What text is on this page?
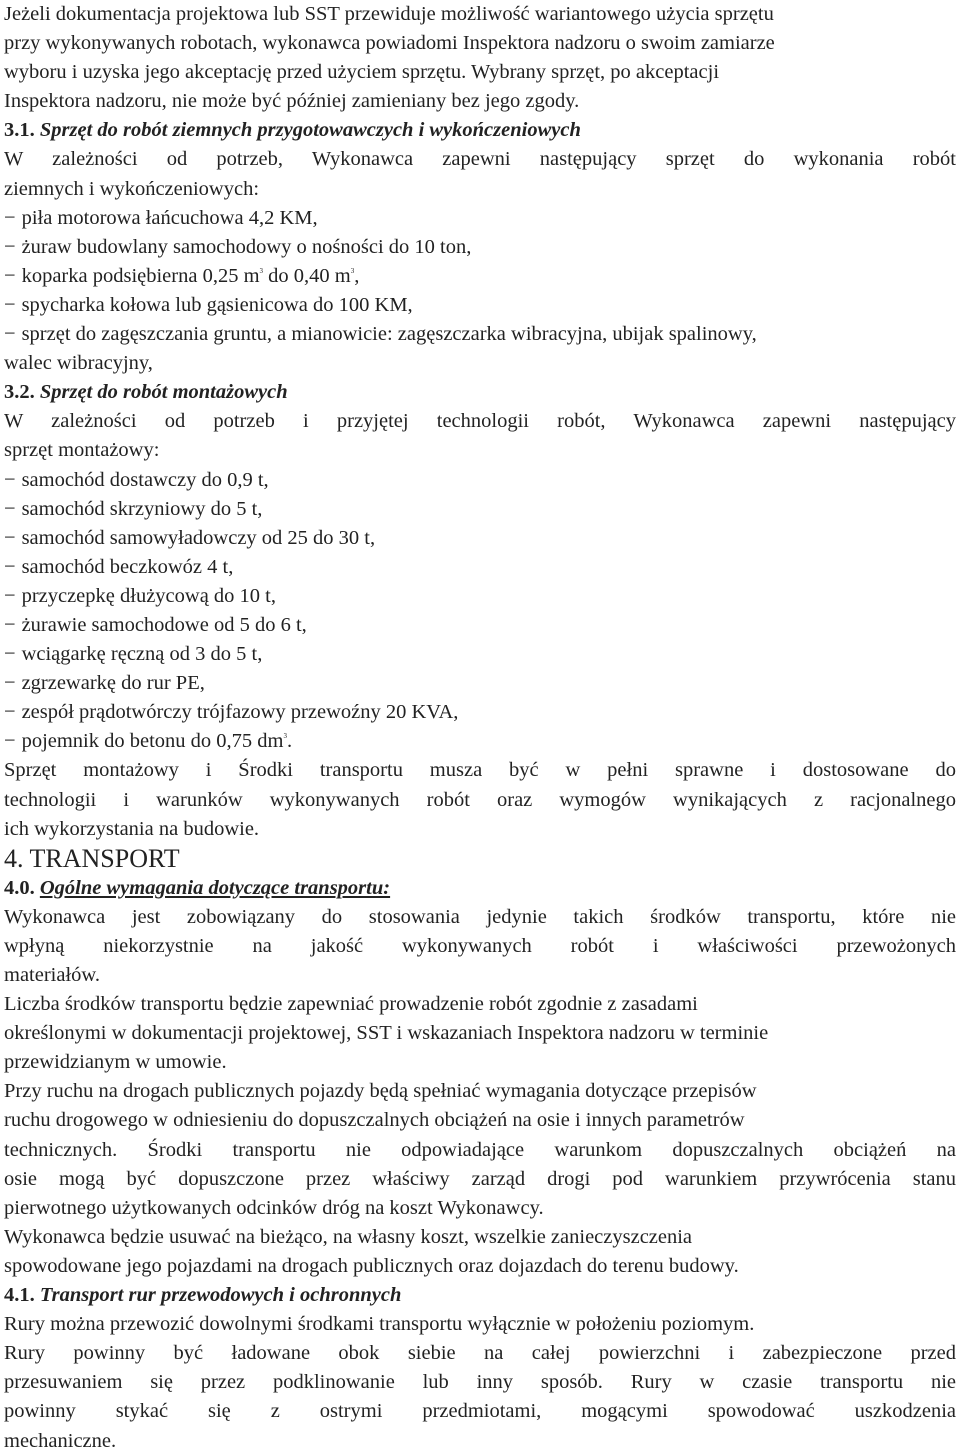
Jeżeli dokumentacja projektowa lub SST przewiduje możliwość wariantowego użycia sprzętu
przy wykonywanych robotach, wykonawca powiadomi Inspektora nadzoru o swoim zamiarze
wyboru i uzyska jego akceptację przed użyciem sprzętu. Wybrany sprzęt, po akceptacji
Inspektora nadzoru, nie może być później zamieniany bez jego zgody.
3.1. Sprzęt do robót ziemnych przygotowawczych i wykończeniowych
W zależności od potrzeb, Wykonawca zapewni następujący sprzęt do wykonania robót
ziemnych i wykończeniowych:
− piła motorowa łańcuchowa 4,2 KM,
− żuraw budowlany samochodowy o nośności do 10 ton,
− koparka podsiębierna 0,25 $m^3$ do 0,40 $m^3$,
− spycharka kołowa lub gąsienicowa do 100 KM,
− sprzęt do zagęszczania gruntu, a mianowicie: zagęszczarka wibracyjna, ubijak spalinowy,
walec wibracyjny,
3.2. Sprzęt do robót montażowych
W zależności od potrzeb i przyjętej technologii robót, Wykonawca zapewni następujący
sprzęt montażowy:
− samochód dostawczy do 0,9 t,
− samochód skrzyniowy do 5 t,
− samochód samowyładowczy od 25 do 30 t,
− samochód beczkowóz 4 t,
− przyczepkę dłużycową do 10 t,
− żurawie samochodowe od 5 do 6 t,
− wciągarkę ręczną od 3 do 5 t,
− zgrzewarkę do rur PE,
− zespół prądotwórczy trójfazowy przewoźny 20 KVA,
− pojemnik do betonu do 0,75 $dm^3$.
Sprzęt montażowy i Środki transportu musza być w pełni sprawne i dostosowane do
technologii i warunków wykonywanych robót oraz wymogów wynikających z racjonalnego
ich wykorzystania na budowie.
4. TRANSPORT
4.0. Ogólne wymagania dotyczące transportu:
Wykonawca jest zobowiązany do stosowania jedynie takich środków transportu, które nie
wpłyną niekorzystnie na jakość wykonywanych robót i właściwości przewożonych
materiałów.
Liczba środków transportu będzie zapewniać prowadzenie robót zgodnie z zasadami
określonymi w dokumentacji projektowej, SST i wskazaniach Inspektora nadzoru w terminie
przewidzianym w umowie.
Przy ruchu na drogach publicznych pojazdy będą spełniać wymagania dotyczące przepisów
ruchu drogowego w odniesieniu do dopuszczalnych obciążeń na osie i innych parametrów
technicznych. Środki transportu nie odpowiadające warunkom dopuszczalnych obciążeń na
osie mogą być dopuszczone przez właściwy zarząd drogi pod warunkiem przywrócenia stanu
pierwotnego użytkowanych odcinków dróg na koszt Wykonawcy.
Wykonawca będzie usuwać na bieżąco, na własny koszt, wszelkie zanieczyszczenia
spowodowane jego pojazdami na drogach publicznych oraz dojazdach do terenu budowy.
4.1. Transport rur przewodowych i ochronnych
Rury można przewozić dowolnymi środkami transportu wyłącznie w położeniu poziomym.
Rury powinny być ładowane obok siebie na całej powierzchni i zabezpieczone przed
przesuwaniem się przez podklinowanie lub inny sposób. Rury w czasie transportu nie
powinny stykać się z ostrymi przedmiotami, mogącymi spowodować uszkodzenia
mechaniczne.
